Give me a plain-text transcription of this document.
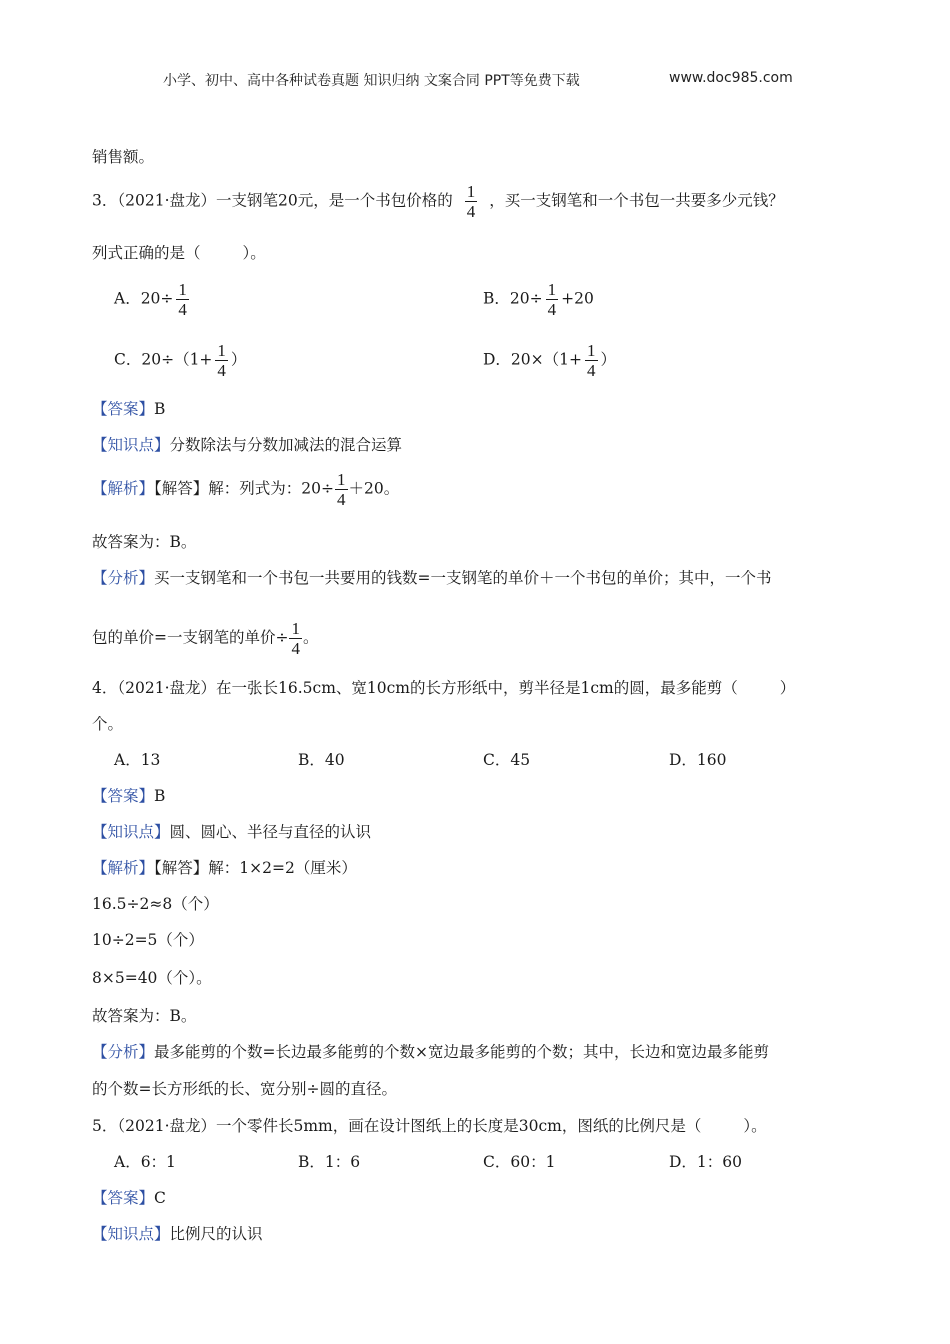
小学、初中、高中各种试卷真题 知识归纳 文案合同 PPT等免费下载	www.doc985.com
销售额。
3．（2021·盘龙）一支钢笔20元，是一个书包价格的 $\frac{1}{4}$ ，买一支钢笔和一个书包一共要多少元钱？
列式正确的是（	）。
A．$20\div \frac{1}{4}$	B．$20\div \frac{1}{4} +20$
C．$20\div(1+ \frac{1}{4}$ ）	D．$20\times(1+ \frac{1}{4}$ ）
【答案】B
【知识点】分数除法与分数加减法的混合运算
【解析】【解答】解：列式为：$20\div \frac{1}{4} +20$。
故答案为：B。
【分析】买一支钢笔和一个书包一共要用的钱数=一支钢笔的单价＋一个书包的单价；其中，一个书
包的单价=一支钢笔的单价÷ $\frac{1}{4}$ 。
4．（2021·盘龙）在一张长16.5cm、宽10cm的长方形纸中，剪半径是1cm的圆，最多能剪（	）
个。
A．13	B．40	C．45	D．160
【答案】B
【知识点】圆、圆心、半径与直径的认识
【解析】【解答】解：1×2=2（厘米）
16.5÷2≈8（个）
10÷2=5（个）
8×5=40（个）。
故答案为：B。
【分析】最多能剪的个数=长边最多能剪的个数×宽边最多能剪的个数；其中，长边和宽边最多能剪
的个数=长方形纸的长、宽分别÷圆的直径。
5．（2021·盘龙）一个零件长5mm，画在设计图纸上的长度是30cm，图纸的比例尺是（	）。
A．6：1	B．1：6	C．60：1	D．1：60
【答案】C
【知识点】比例尺的认识
